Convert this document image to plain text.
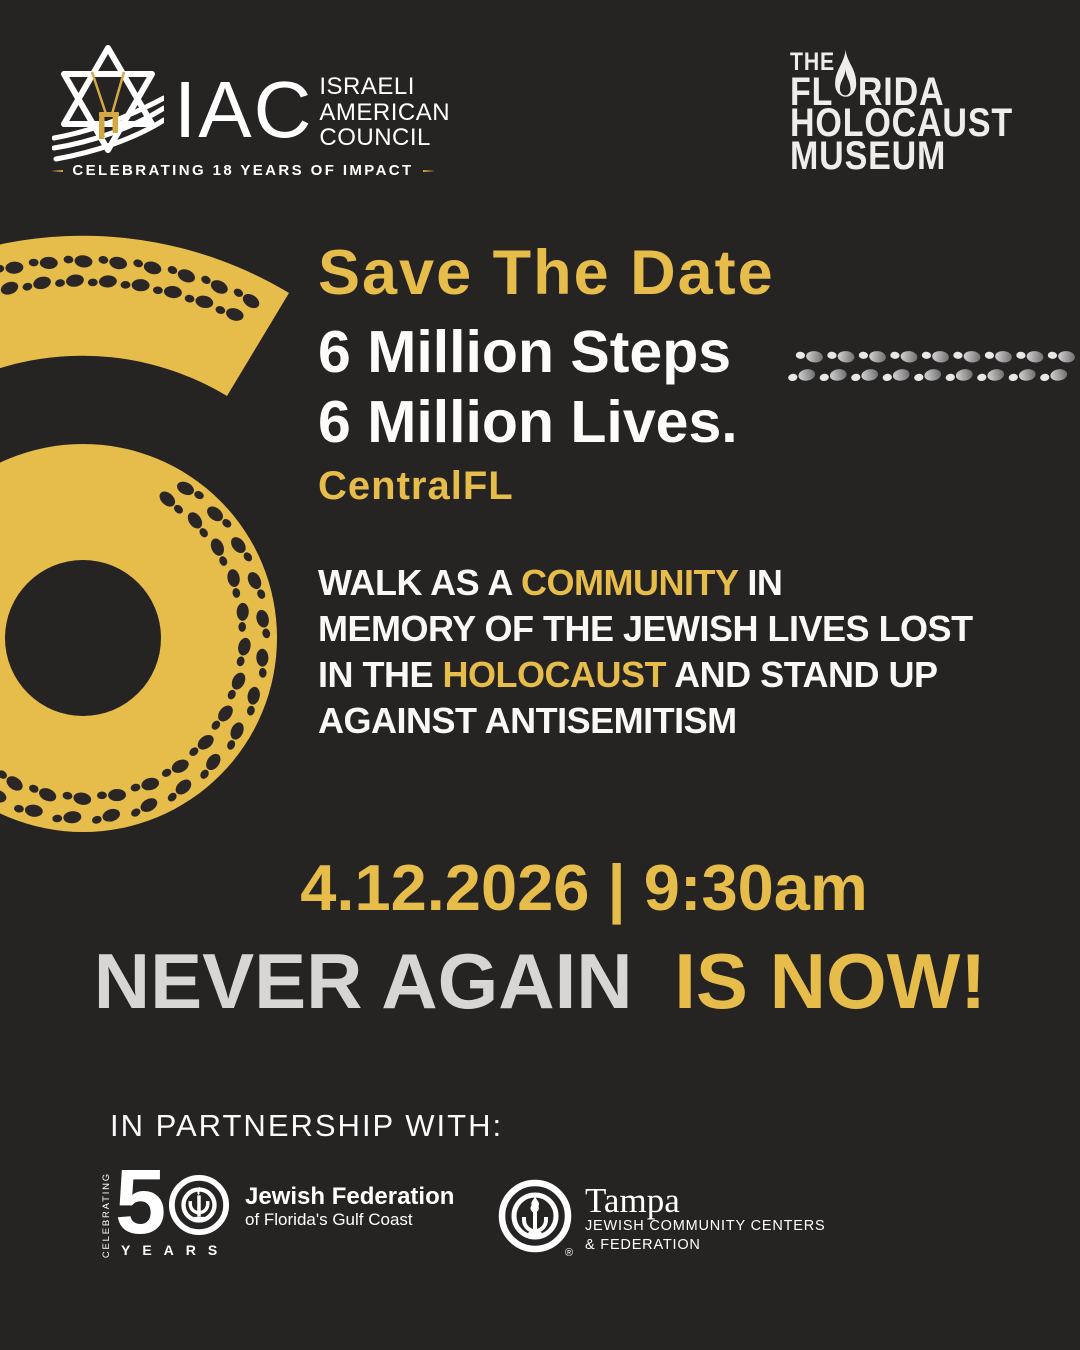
IAC ISRAELI
AMERICAN
COUNCIL
CELEBRATING 18 YEARS OF IMPACT
THE
FL RIDA
HOLOCAUST
MUSEUM
Save The Date
6 Million Steps
6 Million Lives.
CentralFL
WALK AS A COMMUNITY IN
MEMORY OF THE JEWISH LIVES LOST
IN THE HOLOCAUST AND STAND UP
AGAINST ANTISEMITISM
4.12.2026 | 9:30am
NEVER AGAIN IS NOW!
IN PARTNERSHIP WITH:
CELEBRATING 5
YEARS
Jewish Federation
of Florida's Gulf Coast
®
Tampa
JEWISH COMMUNITY CENTERS
& FEDERATION
